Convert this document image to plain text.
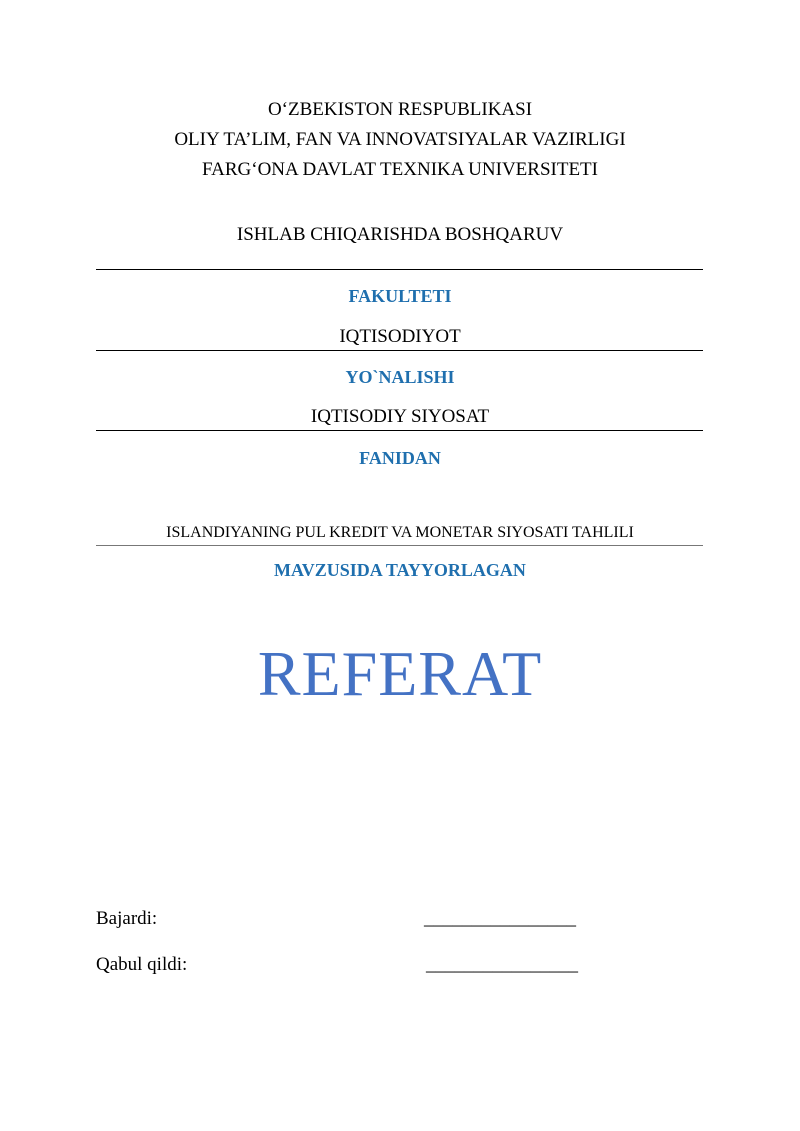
O‘ZBEKISTON RESPUBLIKASI
OLIY TA’LIM, FAN VA INNOVATSIYALAR VAZIRLIGI
FARG‘ONA DAVLAT TEXNIKA UNIVERSITETI
ISHLAB CHIQARISHDA BOSHQARUV
FAKULTETI
IQTISODIYOT
YO`NALISHI
IQTISODIY SIYOSAT
FANIDAN
ISLANDIYANING PUL KREDIT VA MONETAR SIYOSATI TAHLILI
MAVZUSIDA TAYYORLAGAN
REFERAT
Bajardi:	________________
Qabul qildi:	________________
